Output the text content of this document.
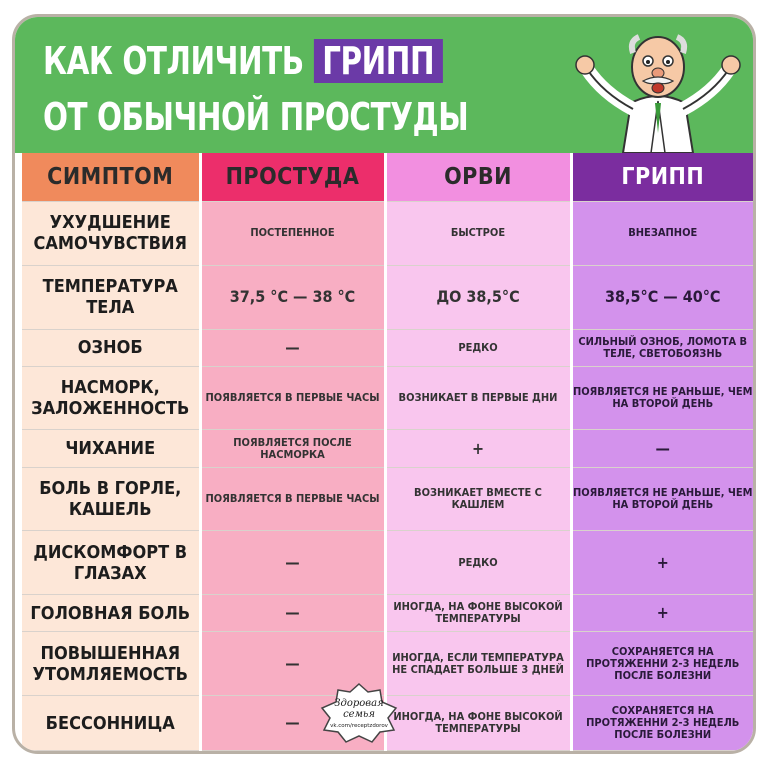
КАК ОТЛИЧИТЬ ГРИПП
ОТ ОБЫЧНОЙ ПРОСТУДЫ
СИМПТОМ	ПРОСТУДА	ОРВИ	ГРИПП
УХУДШЕНИЕ САМОЧУВСТВИЯ	ПОСТЕПЕННОЕ	БЫСТРОЕ	ВНЕЗАПНОЕ
ТЕМПЕРАТУРА ТЕЛА	37,5 °C — 38 °C	ДО 38,5°C	38,5°C — 40°C
ОЗНОБ	—	РЕДКО	СИЛЬНЫЙ ОЗНОБ, ЛОМОТА В ТЕЛЕ, СВЕТОБОЯЗНЬ
НАСМОРК, ЗАЛОЖЕННОСТЬ	ПОЯВЛЯЕТСЯ В ПЕРВЫЕ ЧАСЫ	ВОЗНИКАЕТ В ПЕРВЫЕ ДНИ	ПОЯВЛЯЕТСЯ НЕ РАНЬШЕ, ЧЕМ НА ВТОРОЙ ДЕНЬ
ЧИХАНИЕ	ПОЯВЛЯЕТСЯ ПОСЛЕ НАСМОРКА	+	—
БОЛЬ В ГОРЛЕ, КАШЕЛЬ	ПОЯВЛЯЕТСЯ В ПЕРВЫЕ ЧАСЫ	ВОЗНИКАЕТ ВМЕСТЕ С КАШЛЕМ	ПОЯВЛЯЕТСЯ НЕ РАНЬШЕ, ЧЕМ НА ВТОРОЙ ДЕНЬ
ДИСКОМФОРТ В ГЛАЗАХ	—	РЕДКО	+
ГОЛОВНАЯ БОЛЬ	—	ИНОГДА, НА ФОНЕ ВЫСОКОЙ ТЕМПЕРАТУРЫ	+
ПОВЫШЕННАЯ УТОМЛЯЕМОСТЬ	—	ИНОГДА, ЕСЛИ ТЕМПЕРАТУРА НЕ СПАДАЕТ БОЛЬШЕ 3 ДНЕЙ	СОХРАНЯЕТСЯ НА ПРОТЯЖЕННИ 2-3 НЕДЕЛЬ ПОСЛЕ БОЛЕЗНИ
БЕССОННИЦА	—	ИНОГДА, НА ФОНЕ ВЫСОКОЙ ТЕМПЕРАТУРЫ	СОХРАНЯЕТСЯ НА ПРОТЯЖЕННИ 2-3 НЕДЕЛЬ ПОСЛЕ БОЛЕЗНИ
Здоровая
семья
vk.com/receptzdorov
